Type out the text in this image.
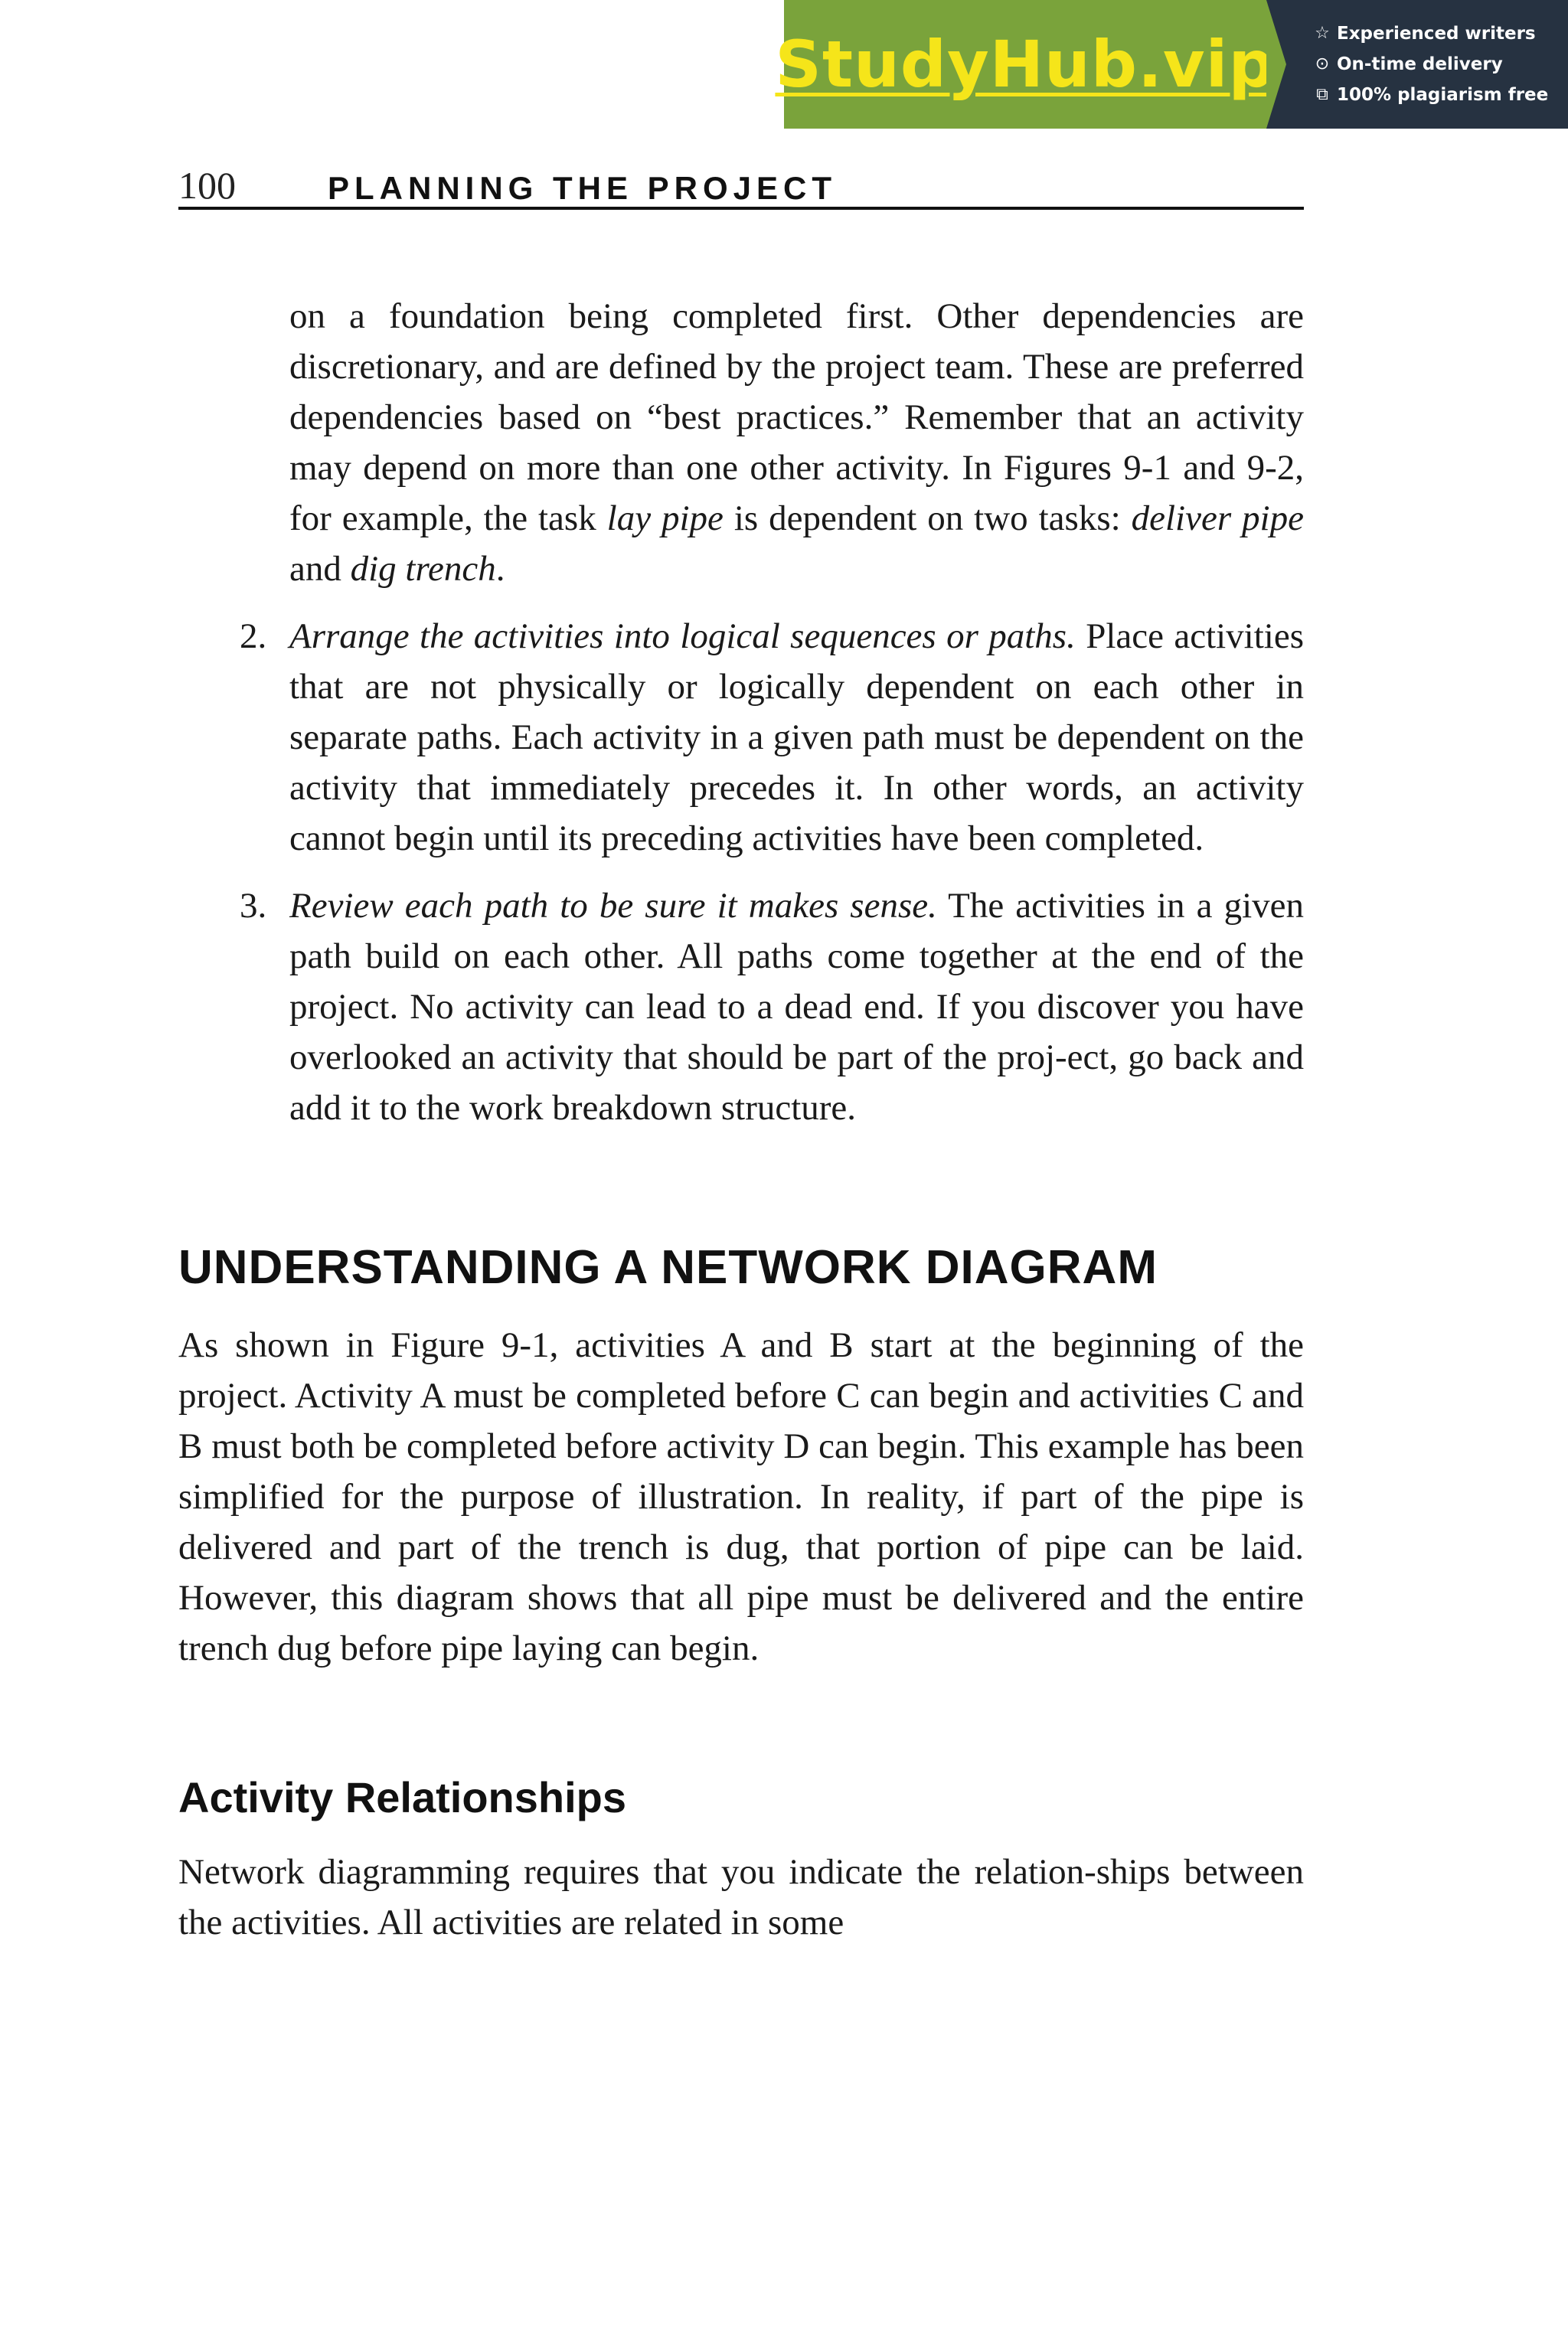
StudyHub.vip ☆ Experienced writers
⊙ On-time delivery
⧉ 100% plagiarism free
100	PLANNING THE PROJECT

on a foundation being completed first. Other dependencies are discretionary, and are defined by the project team. These are preferred dependencies based on “best practices.” Remember that an activity may depend on more than one other activity. In Figures 9-1 and 9-2, for example, the task lay pipe is dependent on two tasks: deliver pipe and dig trench.

2. Arrange the activities into logical sequences or paths. Place activities that are not physically or logically dependent on each other in separate paths. Each activity in a given path must be dependent on the activity that immediately precedes it. In other words, an activity cannot begin until its preceding activities have been completed.

3. Review each path to be sure it makes sense. The activities in a given path build on each other. All paths come together at the end of the project. No activity can lead to a dead end. If you discover you have overlooked an activity that should be part of the proj-ect, go back and add it to the work breakdown structure.

UNDERSTANDING A NETWORK DIAGRAM

As shown in Figure 9-1, activities A and B start at the beginning of the project. Activity A must be completed before C can begin and activities C and B must both be completed before activity D can begin. This example has been simplified for the purpose of illustration. In reality, if part of the pipe is delivered and part of the trench is dug, that portion of pipe can be laid. However, this diagram shows that all pipe must be delivered and the entire trench dug before pipe laying can begin.

Activity Relationships

Network diagramming requires that you indicate the relation-ships between the activities. All activities are related in some
